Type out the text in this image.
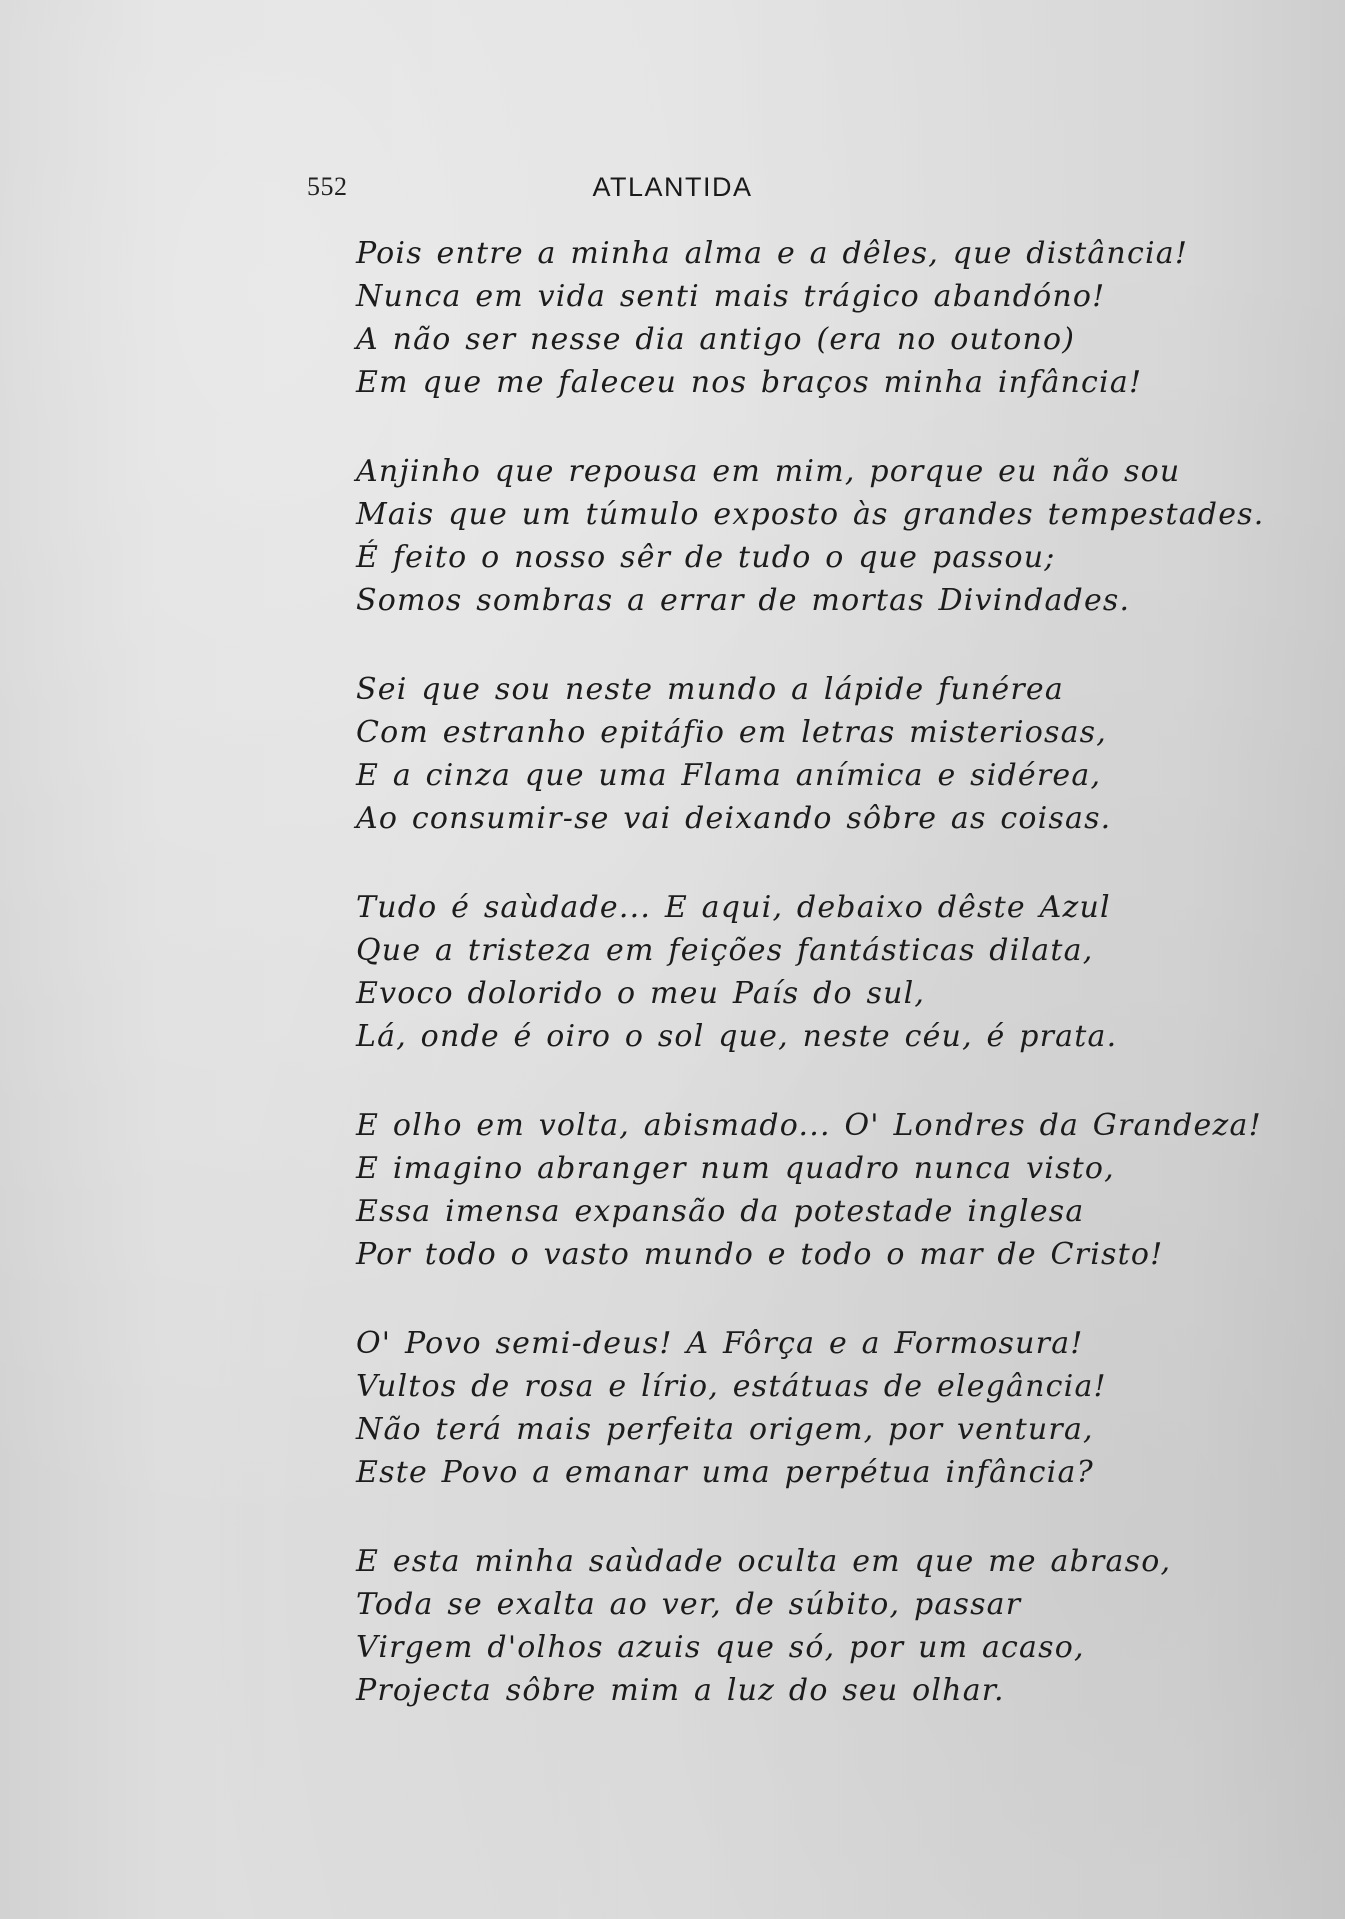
552	ATLANTIDA
Pois entre a minha alma e a dêles, que distância!
Nunca em vida senti mais trágico abandóno!
A não ser nesse dia antigo (era no outono)
Em que me faleceu nos braços minha infância!
Anjinho que repousa em mim, porque eu não sou
Mais que um túmulo exposto às grandes tempestades.
É feito o nosso sêr de tudo o que passou;
Somos sombras a errar de mortas Divindades.
Sei que sou neste mundo a lápide funérea
Com estranho epitáfio em letras misteriosas,
E a cinza que uma Flama anímica e sidérea,
Ao consumir-se vai deixando sôbre as coisas.
Tudo é saùdade... E aqui, debaixo dêste Azul
Que a tristeza em feições fantásticas dilata,
Evoco dolorido o meu País do sul,
Lá, onde é oiro o sol que, neste céu, é prata.
E olho em volta, abismado... O' Londres da Grandeza!
E imagino abranger num quadro nunca visto,
Essa imensa expansão da potestade inglesa
Por todo o vasto mundo e todo o mar de Cristo!
O' Povo semi-deus! A Fôrça e a Formosura!
Vultos de rosa e lírio, estátuas de elegância!
Não terá mais perfeita origem, por ventura,
Este Povo a emanar uma perpétua infância?
E esta minha saùdade oculta em que me abraso,
Toda se exalta ao ver, de súbito, passar
Virgem d'olhos azuis que só, por um acaso,
Projecta sôbre mim a luz do seu olhar.
